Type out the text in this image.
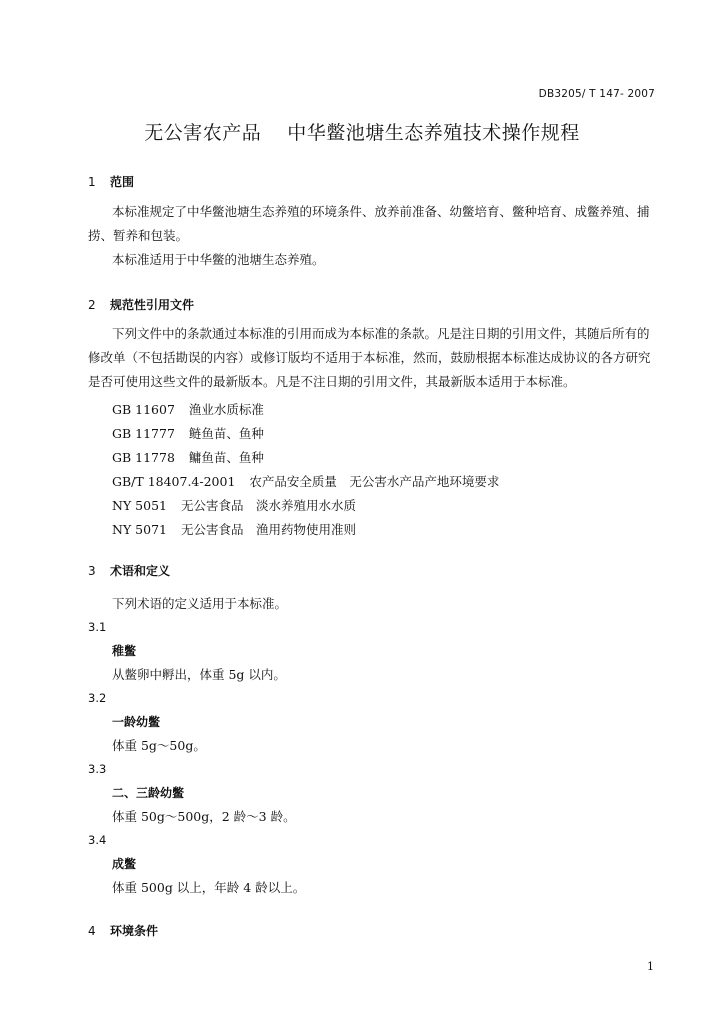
DB3205/ T 147- 2007
无公害农产品 中华鳖池塘生态养殖技术操作规程
1 范围
本标准规定了中华鳖池塘生态养殖的环境条件、放养前准备、幼鳖培育、鳖种培育、成鳖养殖、捕
捞、暂养和包装。
本标准适用于中华鳖的池塘生态养殖。
2 规范性引用文件
下列文件中的条款通过本标准的引用而成为本标准的条款。凡是注日期的引用文件，其随后所有的
修改单（不包括勘误的内容）或修订版均不适用于本标准，然而，鼓励根据本标准达成协议的各方研究
是否可使用这些文件的最新版本。凡是不注日期的引用文件，其最新版本适用于本标准。
GB 11607 渔业水质标准
GB 11777 鲢鱼苗、鱼种
GB 11778 鳙鱼苗、鱼种
GB/T 18407.4-2001 农产品安全质量　无公害水产品产地环境要求
NY 5051 无公害食品　淡水养殖用水水质
NY 5071 无公害食品　渔用药物使用准则
3 术语和定义
下列术语的定义适用于本标准。
3.1
稚鳖
从鳖卵中孵出，体重 5g 以内。
3.2
一龄幼鳖
体重 5g～50g。
3.3
二、三龄幼鳖
体重 50g～500g，2 龄～3 龄。
3.4
成鳖
体重 500g 以上，年龄 4 龄以上。
4 环境条件
1
